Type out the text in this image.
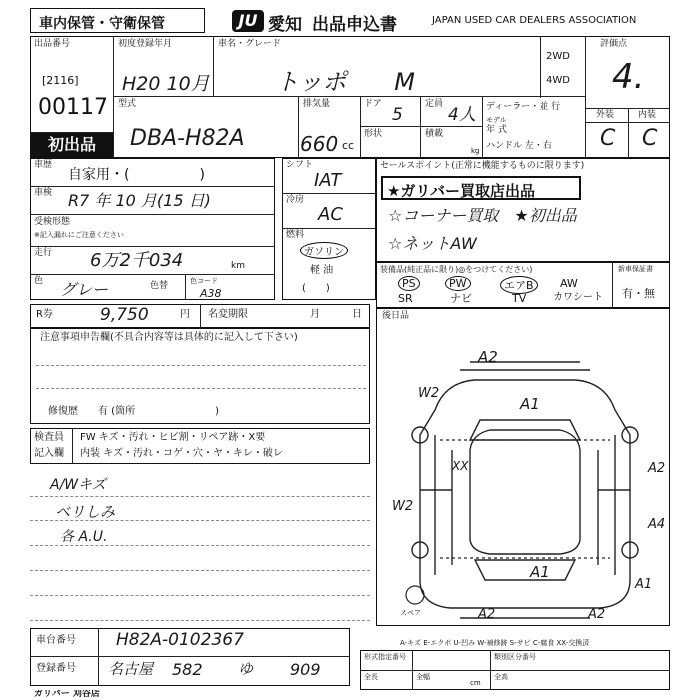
車内保管・守衛保管	JU 愛知 出品申込書	JAPAN USED CAR DEALERS ASSOCIATION
出品番号
[2116]
00117
初出品
初度登録年月
H20 10月
車名・グレード
トッポ　　M
2WD
4WD
評価点
4.
外装	内装
C C
型式
DBA-H82A
排気量
660 cc
ドア
5
定員
4人
形状	積載
kg
ディーラー・並 行
モデル
年 式
ハンドル 左・右
車歴
自家用・(　　　　　)
車検 R7 年 10 月(15 日)
受検形態
※記入漏れにご注意ください
走行 6万2千034	km
色 グレー	色替	色コード
A38
シフト
IAT
冷房
AC
燃料
ガソリン
軽 油
(　　)
セールスポイント(正常に機能するものに限ります)
★ガリバー買取店出品
☆コーナー買取　★初出品
☆ネットAW
装備品(純正品に限り)◎をつけてください)
PS	PW	エアB	AW
SR	ナビ	TV	カワシート
新車保証書
有・無
R券	9,750	円 名変期限	月	日
注意事項申告欄(不具合内容等は具体的に記入して下さい)
修復歴　　有 (箇所　　　　　　　　)
後日品
検査員
記入欄
FW キズ・汚れ・ヒビ割・リペア跡・X要
内装 キズ・汚れ・コゲ・穴・ヤ・キレ・破レ
A/Wキズ
ベリしみ
各 A.U.
A2
W2
A1
XX	A2
W2
A4
A1
A1
A2	A2
スペア
車台番号 H82A-0102367
登録番号 名古屋 582 ゆ 909
A-キズ E-エクボ U-凹み W-補修跡 S-サビ C-腐食 XX-交換済
形式指定番号	類別区分番号
全長	全幅	全高
cm
ガリバー 刈谷店
